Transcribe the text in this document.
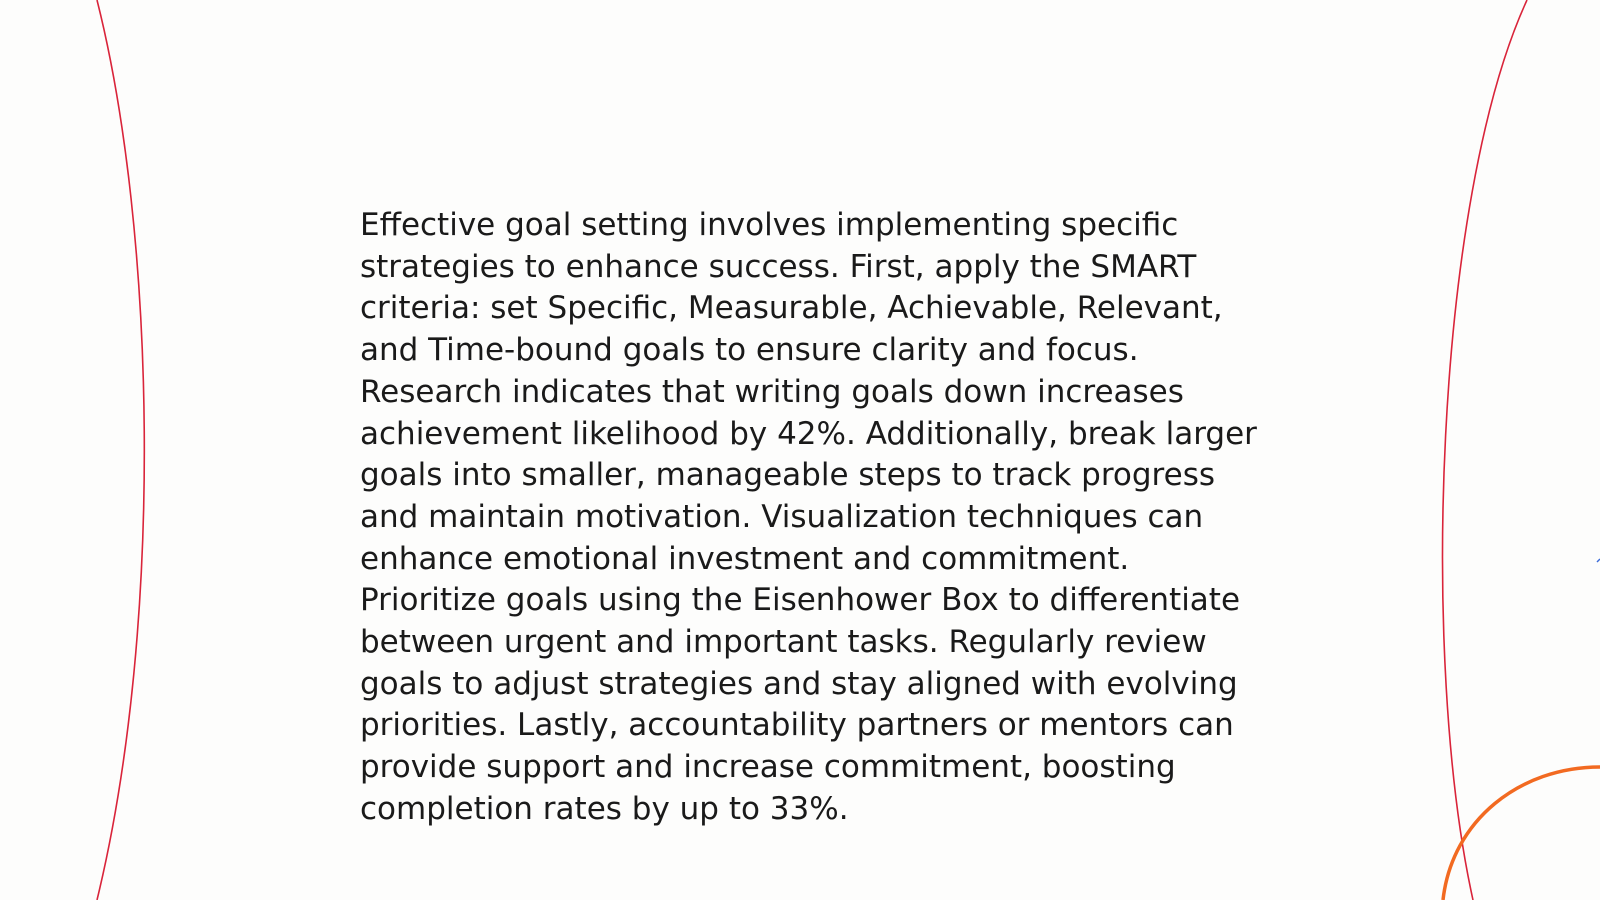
Effective goal setting involves implementing specific strategies to enhance success. First, apply the SMART criteria: set Specific, Measurable, Achievable, Relevant, and Time-bound goals to ensure clarity and focus. Research indicates that writing goals down increases achievement likelihood by 42%. Additionally, break larger goals into smaller, manageable steps to track progress and maintain motivation. Visualization techniques can enhance emotional investment and commitment. Prioritize goals using the Eisenhower Box to differentiate between urgent and important tasks. Regularly review goals to adjust strategies and stay aligned with evolving priorities. Lastly, accountability partners or mentors can provide support and increase commitment, boosting completion rates by up to 33%.
